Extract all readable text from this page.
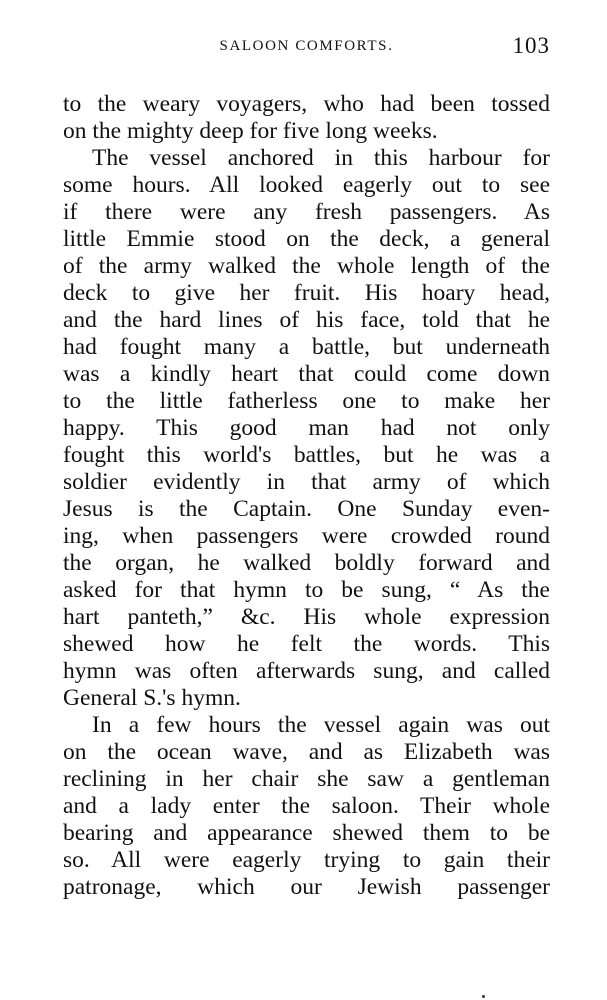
SALOON COMFORTS.	103
to the weary voyagers, who had been tossed
on the mighty deep for five long weeks.
The vessel anchored in this harbour for
some hours. All looked eagerly out to see
if there were any fresh passengers. As
little Emmie stood on the deck, a general
of the army walked the whole length of the
deck to give her fruit. His hoary head,
and the hard lines of his face, told that he
had fought many a battle, but underneath
was a kindly heart that could come down
to the little fatherless one to make her
happy. This good man had not only
fought this world's battles, but he was a
soldier evidently in that army of which
Jesus is the Captain. One Sunday even-
ing, when passengers were crowded round
the organ, he walked boldly forward and
asked for that hymn to be sung, “ As the
hart panteth,” &c. His whole expression
shewed how he felt the words. This
hymn was often afterwards sung, and called
General S.'s hymn.
In a few hours the vessel again was out
on the ocean wave, and as Elizabeth was
reclining in her chair she saw a gentleman
and a lady enter the saloon. Their whole
bearing and appearance shewed them to be
so. All were eagerly trying to gain their
patronage, which our Jewish passenger
